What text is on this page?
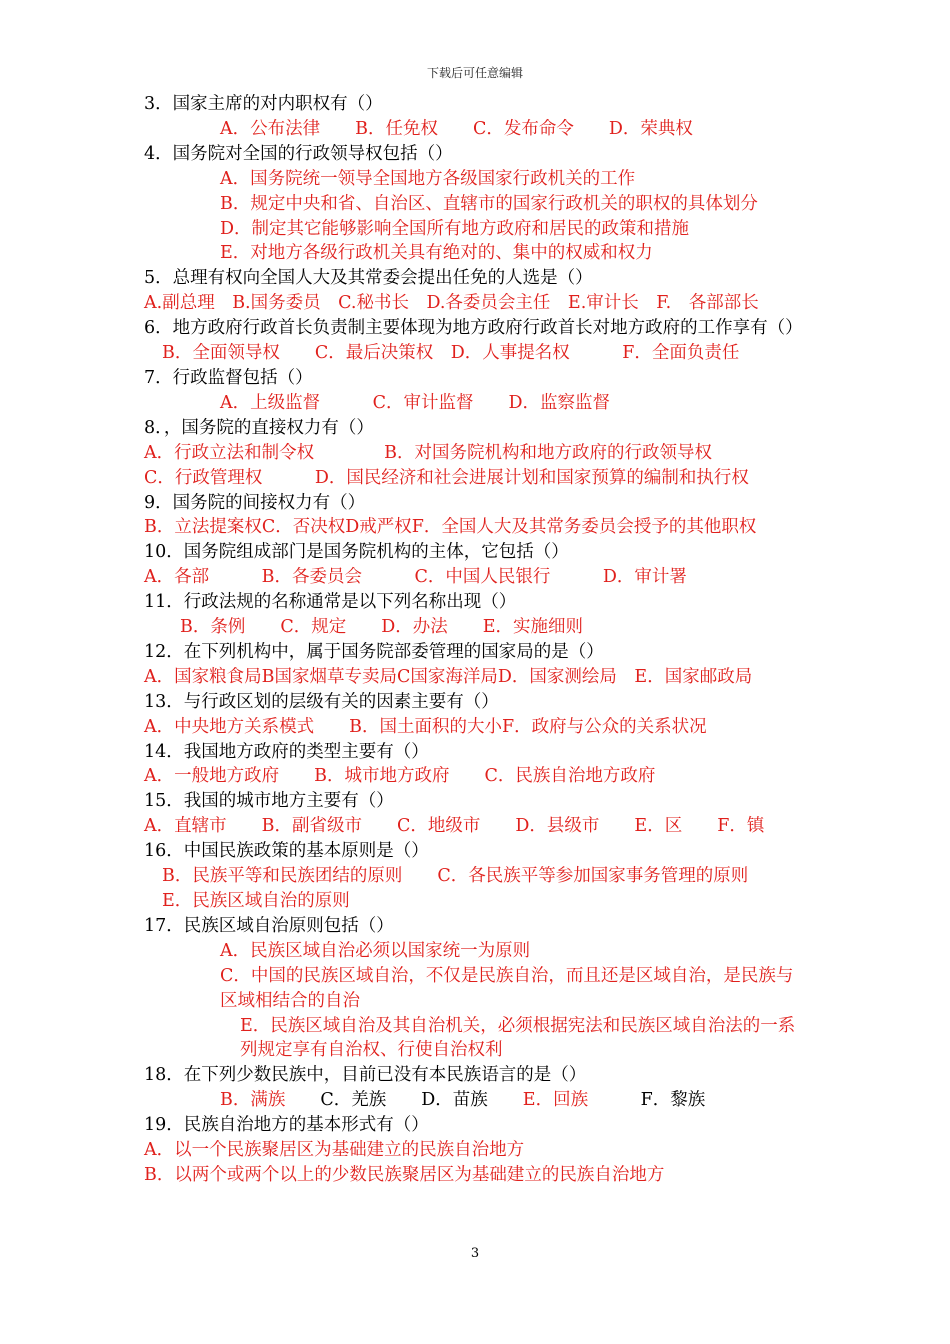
下载后可任意编辑
3．国家主席的对内职权有（）
A．公布法律　　B．任免权　　C．发布命令　　D．荣典权
4．国务院对全国的行政领导权包括（）
A．国务院统一领导全国地方各级国家行政机关的工作
B．规定中央和省、自治区、直辖市的国家行政机关的职权的具体划分
D．制定其它能够影响全国所有地方政府和居民的政策和措施
E．对地方各级行政机关具有绝对的、集中的权威和权力
5．总理有权向全国人大及其常委会提出任免的人选是（）
A.副总理　B.国务委员　C.秘书长　D.各委员会主任　E.审计长　F.　各部部长
6．地方政府行政首长负责制主要体现为地方政府行政首长对地方政府的工作享有（）
B．全面领导权　　C．最后决策权　D．人事提名权　　　F．全面负责任
7．行政监督包括（）
A．上级监督　　　C．审计监督　　D．监察监督
8．，国务院的直接权力有（）
A．行政立法和制令权　　　　B．对国务院机构和地方政府的行政领导权
C．行政管理权　　　D．国民经济和社会进展计划和国家预算的编制和执行权
9．国务院的间接权力有（）
B．立法提案权C．否决权D戒严权F．全国人大及其常务委员会授予的其他职权
10．国务院组成部门是国务院机构的主体，它包括（）
A．各部　　　B．各委员会　　　C．中国人民银行　　　D．审计署
11．行政法规的名称通常是以下列名称出现（）
B．条例　　C．规定　　D．办法　　E．实施细则
12．在下列机构中，属于国务院部委管理的国家局的是（）
A．国家粮食局B国家烟草专卖局C国家海洋局D．国家测绘局　E．国家邮政局
13．与行政区划的层级有关的因素主要有（）
A．中央地方关系模式　　B．国土面积的大小F．政府与公众的关系状况
14．我国地方政府的类型主要有（）
A．一般地方政府　　B．城市地方政府　　C．民族自治地方政府
15．我国的城市地方主要有（）
A．直辖市　　B．副省级市　　C．地级市　　D．县级市　　E．区　　F．镇
16．中国民族政策的基本原则是（）
B．民族平等和民族团结的原则　　C．各民族平等参加国家事务管理的原则
E．民族区域自治的原则
17．民族区域自治原则包括（）
A．民族区域自治必须以国家统一为原则
C．中国的民族区域自治，不仅是民族自治，而且还是区域自治，是民族与区域相结合的自治
E．民族区域自治及其自治机关，必须根据宪法和民族区域自治法的一系列规定享有自治权、行使自治权利
18．在下列少数民族中，目前已没有本民族语言的是（）
B．满族　　C．羌族　　D．苗族　　E．回族　　　F．黎族
19．民族自治地方的基本形式有（）
A．以一个民族聚居区为基础建立的民族自治地方
B．以两个或两个以上的少数民族聚居区为基础建立的民族自治地方
3
